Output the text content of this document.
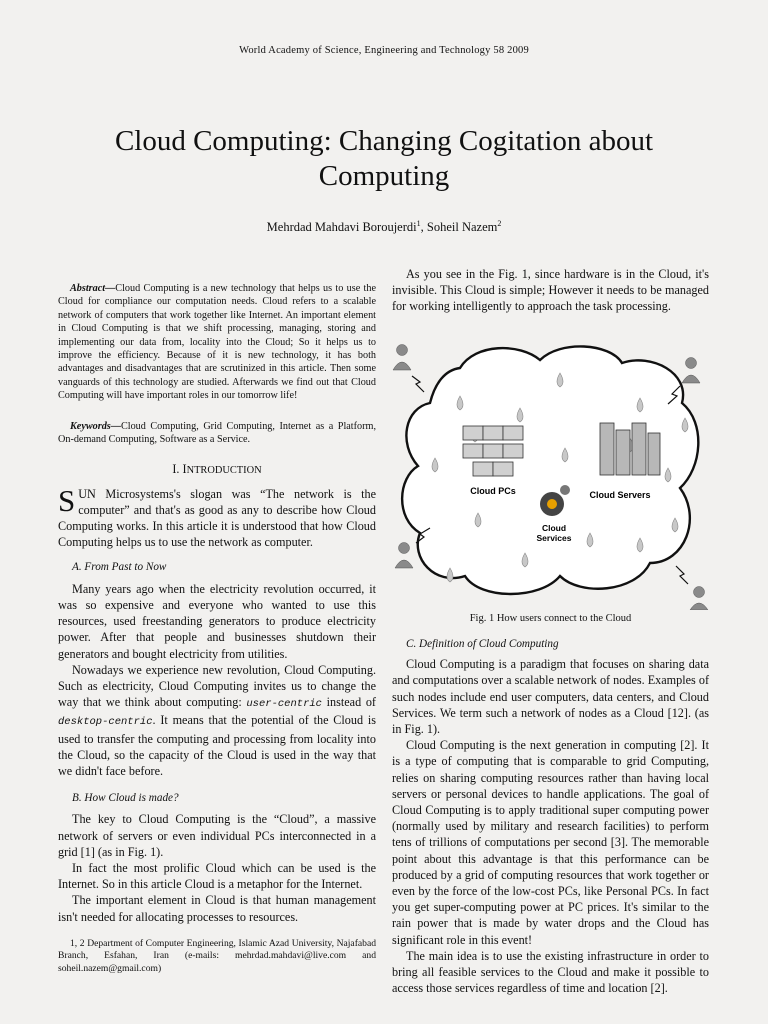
World Academy of Science, Engineering and Technology 58 2009
Cloud Computing: Changing Cogitation about
Computing
Mehrdad Mahdavi Boroujerdi$^1$, Soheil Nazem$^2$

Abstract—Cloud Computing is a new technology that helps us to use the Cloud for compliance our computation needs. Cloud refers to a scalable network of computers that work together like Internet. An important element in Cloud Computing is that we shift processing, managing, storing and implementing our data from, locality into the Cloud; So it helps us to improve the efficiency. Because of it is new technology, it has both advantages and disadvantages that are scrutinized in this article. Then some vanguards of this technology are studied. Afterwards we find out that Cloud Computing will have important roles in our tomorrow life!

Keywords—Cloud Computing, Grid Computing, Internet as a Platform, On-demand Computing, Software as a Service.

I. INTRODUCTION

SUN Microsystems's slogan was “The network is the computer” and that's as good as any to describe how Cloud Computing works. In this article it is understood that how Cloud Computing helps us to use the network as computer.

A. From Past to Now

Many years ago when the electricity revolution occurred, it was so expensive and everyone who wanted to use this resources, used freestanding generators to produce electricity power. After that people and businesses shutdown their generators and bought electricity from utilities.

Nowadays we experience new revolution, Cloud Computing. Such as electricity, Cloud Computing invites us to change the way that we think about computing: user-centric instead of desktop-centric. It means that the potential of the Cloud is used to transfer the computing and processing from locality into the Cloud, so the capacity of the Cloud is used in the way that we didn't face before.

B. How Cloud is made?

The key to Cloud Computing is the “Cloud”, a massive network of servers or even individual PCs interconnected in a grid [1] (as in Fig. 1).

In fact the most prolific Cloud which can be used is the Internet. So in this article Cloud is a metaphor for the Internet.

The important element in Cloud is that human management isn't needed for allocating processes to resources.

1, 2 Department of Computer Engineering, Islamic Azad University, Najafabad Branch, Esfahan, Iran (e-mails: mehrdad.mahdavi@live.com and soheil.nazem@gmail.com)

As you see in the Fig. 1, since hardware is in the Cloud, it's invisible. This Cloud is simple; However it needs to be managed for working intelligently to approach the task processing.

Cloud PCs	Cloud Servers
Cloud
Services
Fig. 1 How users connect to the Cloud
C. Definition of Cloud Computing

Cloud Computing is a paradigm that focuses on sharing data and computations over a scalable network of nodes. Examples of such nodes include end user computers, data centers, and Cloud Services. We term such a network of nodes as a Cloud [12]. (as in Fig. 1).

Cloud Computing is the next generation in computing [2]. It is a type of computing that is comparable to grid Computing, relies on sharing computing resources rather than having local servers or personal devices to handle applications. The goal of Cloud Computing is to apply traditional super computing power (normally used by military and research facilities) to perform tens of trillions of computations per second [3]. The memorable point about this advantage is that this performance can be produced by a grid of computing resources that work together or even by the force of the low-cost PCs, like Personal PCs. In fact you get super-computing power at PC prices. It's similar to the rain power that is made by water drops and the Cloud has significant role in this event!

The main idea is to use the existing infrastructure in order to bring all feasible services to the Cloud and make it possible to access those services regardless of time and location [2].
